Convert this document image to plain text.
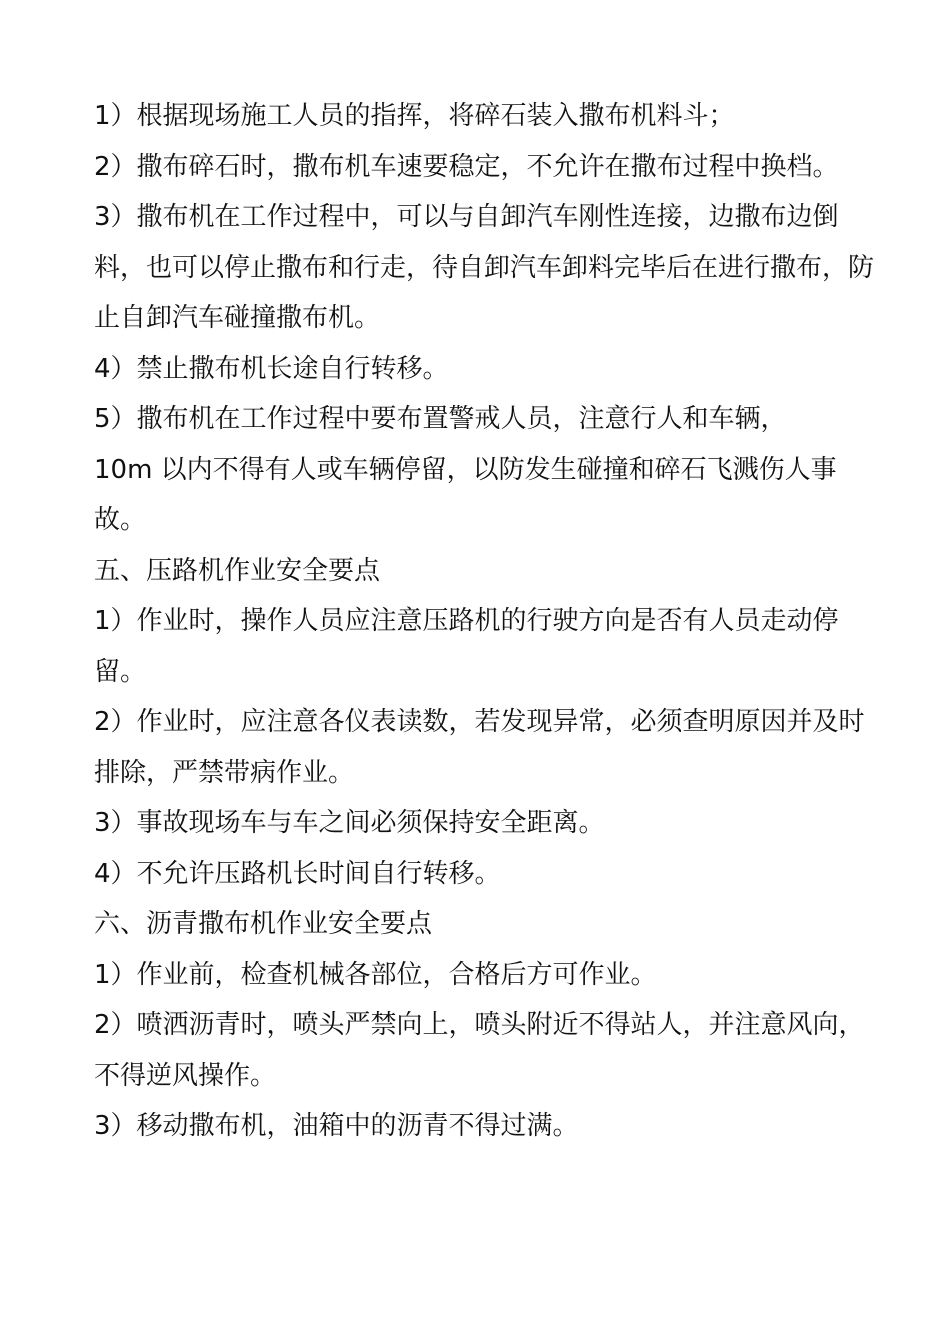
1）根据现场施工人员的指挥，将碎石装入撒布机料斗；

2）撒布碎石时，撒布机车速要稳定，不允许在撒布过程中换档。

3）撒布机在工作过程中，可以与自卸汽车刚性连接，边撒布边倒料，也可以停止撒布和行走，待自卸汽车卸料完毕后在进行撒布，防止自卸汽车碰撞撒布机。

4）禁止撒布机长途自行转移。

5）撒布机在工作过程中要布置警戒人员，注意行人和车辆，

10m 以内不得有人或车辆停留，以防发生碰撞和碎石飞溅伤人事故。

五、压路机作业安全要点

1）作业时，操作人员应注意压路机的行驶方向是否有人员走动停留。

2）作业时，应注意各仪表读数，若发现异常，必须查明原因并及时排除，严禁带病作业。

3）事故现场车与车之间必须保持安全距离。

4）不允许压路机长时间自行转移。

六、沥青撒布机作业安全要点

1）作业前，检查机械各部位，合格后方可作业。

2）喷洒沥青时，喷头严禁向上，喷头附近不得站人，并注意风向，不得逆风操作。

3）移动撒布机，油箱中的沥青不得过满。
